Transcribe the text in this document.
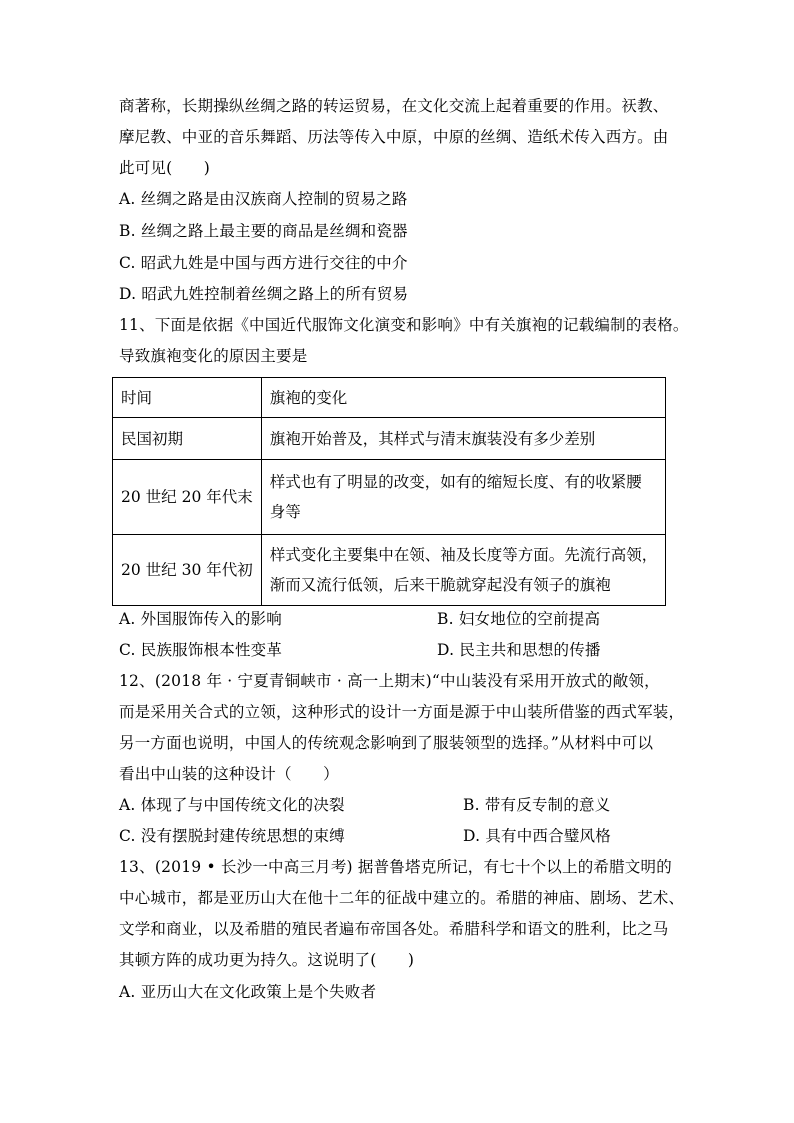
商著称，长期操纵丝绸之路的转运贸易，在文化交流上起着重要的作用。祆教、
摩尼教、中亚的音乐舞蹈、历法等传入中原，中原的丝绸、造纸术传入西方。由
此可见(　　)
A. 丝绸之路是由汉族商人控制的贸易之路
B. 丝绸之路上最主要的商品是丝绸和瓷器
C. 昭武九姓是中国与西方进行交往的中介
D. 昭武九姓控制着丝绸之路上的所有贸易
11、下面是依据《中国近代服饰文化演变和影响》中有关旗袍的记载编制的表格。
导致旗袍变化的原因主要是
时间	旗袍的变化
民国初期	旗袍开始普及，其样式与清末旗装没有多少差别
20 世纪 20 年代末	样式也有了明显的改变，如有的缩短长度、有的收紧腰
身等

20 世纪 30 年代初	样式变化主要集中在领、袖及长度等方面。先流行高领，
渐而又流行低领，后来干脆就穿起没有领子的旗袍
A. 外国服饰传入的影响	B. 妇女地位的空前提高
C. 民族服饰根本性变革	D. 民主共和思想的传播
12、(2018 年 · 宁夏青铜峡市 · 高一上期末)“中山装没有采用开放式的敞领，
而是采用关合式的立领，这种形式的设计一方面是源于中山装所借鉴的西式军装，
另一方面也说明，中国人的传统观念影响到了服装领型的选择。”从材料中可以
看出中山装的这种设计（　　）
A. 体现了与中国传统文化的决裂	B. 带有反专制的意义
C. 没有摆脱封建传统思想的束缚	D. 具有中西合璧风格
13、(2019 • 长沙一中高三月考) 据普鲁塔克所记，有七十个以上的希腊文明的
中心城市，都是亚历山大在他十二年的征战中建立的。希腊的神庙、剧场、艺术、
文学和商业，以及希腊的殖民者遍布帝国各处。希腊科学和语文的胜利，比之马
其顿方阵的成功更为持久。这说明了(　　)
A. 亚历山大在文化政策上是个失败者
